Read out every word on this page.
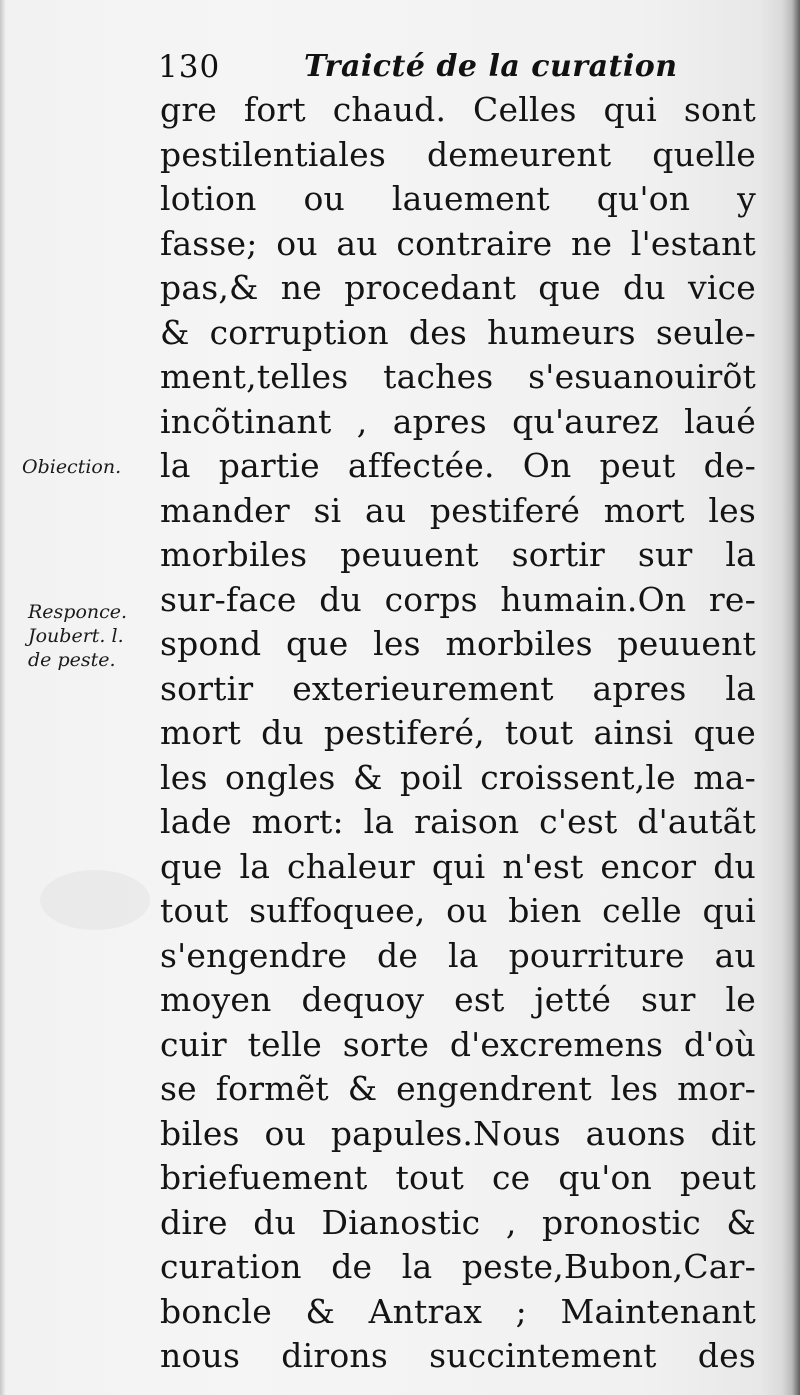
130	Traicté de la curation
Obiection.
Responce.
Joubert. l.
de peste.
gre fort chaud. Celles qui sont
pestilentiales demeurent quelle
lotion ou lauement qu'on y
fasse; ou au contraire ne l'estant
pas,& ne procedant que du vice
& corruption des humeurs seule-
ment,telles taches s'esuanouirõt
incõtinant , apres qu'aurez laué
la partie affectée. On peut de-
mander si au pestiferé mort les
morbiles peuuent sortir sur la
sur-face du corps humain.On re-
spond que les morbiles peuuent
sortir exterieurement apres la
mort du pestiferé, tout ainsi que
les ongles & poil croissent,le ma-
lade mort: la raison c'est d'autãt
que la chaleur qui n'est encor du
tout suffoquee, ou bien celle qui
s'engendre de la pourriture au
moyen dequoy est jetté sur le
cuir telle sorte d'excremens d'où
se formẽt & engendrent les mor-
biles ou papules.Nous auons dit
briefuement tout ce qu'on peut
dire du Dianostic , pronostic &
curation de la peste,Bubon,Car-
boncle & Antrax ; Maintenant
nous dirons succintement des
